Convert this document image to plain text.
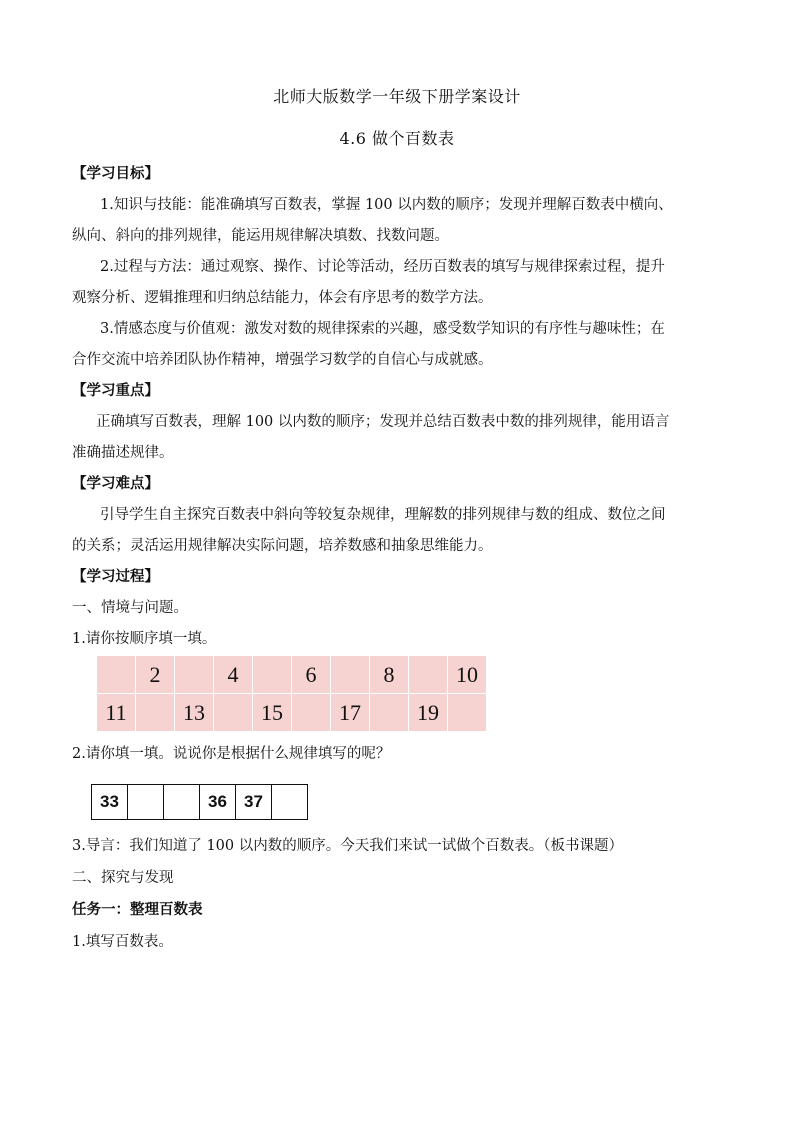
北师大版数学一年级下册学案设计
4.6 做个百数表
【学习目标】
1.知识与技能：能准确填写百数表，掌握 100 以内数的顺序；发现并理解百数表中横向、
纵向、斜向的排列规律，能运用规律解决填数、找数问题。
2.过程与方法：通过观察、操作、讨论等活动，经历百数表的填写与规律探索过程，提升
观察分析、逻辑推理和归纳总结能力，体会有序思考的数学方法。
3.情感态度与价值观：激发对数的规律探索的兴趣，感受数学知识的有序性与趣味性；在
合作交流中培养团队协作精神，增强学习数学的自信心与成就感。
【学习重点】
正确填写百数表，理解 100 以内数的顺序；发现并总结百数表中数的排列规律，能用语言
准确描述规律。
【学习难点】
引导学生自主探究百数表中斜向等较复杂规律，理解数的排列规律与数的组成、数位之间
的关系；灵活运用规律解决实际问题，培养数感和抽象思维能力。
【学习过程】
一、情境与问题。
1.请你按顺序填一填。
	2		4		6		8		10
11		13		15		17		19	
2.请你填一填。说说你是根据什么规律填写的呢？
33			36	37	
3.导言：我们知道了 100 以内数的顺序。今天我们来试一试做个百数表。（板书课题）
二、探究与发现
任务一：整理百数表
1.填写百数表。
